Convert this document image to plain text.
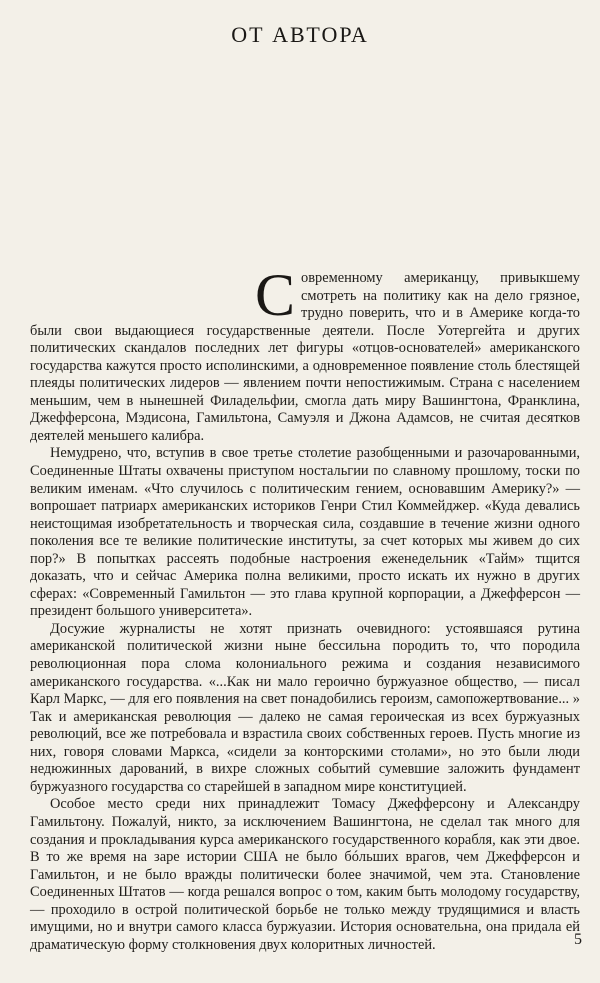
ОТ АВТОРА

Современному американцу, привыкшему смотреть на политику как на дело грязное, трудно поверить, что и в Америке когда-то были свои выдающиеся государственные деятели. После Уотергейта и других политических скандалов последних лет фигуры «отцов-основателей» американского государства кажутся просто исполинскими, а одновременное появление столь блестящей плеяды политических лидеров — явлением почти непостижимым. Страна с населением меньшим, чем в нынешней Филадельфии, смогла дать миру Вашингтона, Франклина, Джефферсона, Мэдисона, Гамильтона, Самуэля и Джона Адамсов, не считая десятков деятелей меньшего калибра.

Немудрено, что, вступив в свое третье столетие разобщенными и разочарованными, Соединенные Штаты охвачены приступом ностальгии по славному прошлому, тоски по великим именам. «Что случилось с политическим гением, основавшим Америку?» — вопрошает патриарх американских историков Генри Стил Коммейджер. «Куда девались неистощимая изобретательность и творческая сила, создавшие в течение жизни одного поколения все те великие политические институты, за счет которых мы живем до сих пор?» В попытках рассеять подобные настроения еженедельник «Тайм» тщится доказать, что и сейчас Америка полна великими, просто искать их нужно в других сферах: «Современный Гамильтон — это глава крупной корпорации, а Джефферсон — президент большого университета».

Досужие журналисты не хотят признать очевидного: устоявшаяся рутина американской политической жизни ныне бессильна породить то, что породила революционная пора слома колониального режима и создания независимого американского государства. «...Как ни мало героично буржуазное общество, — писал Карл Маркс, — для его появления на свет понадобились героизм, самопожертвование... » Так и американская революция — далеко не самая героическая из всех буржуазных революций, все же потребовала и взрастила своих собственных героев. Пусть многие из них, говоря словами Маркса, «сидели за конторскими столами», но это были люди недюжинных дарований, в вихре сложных событий сумевшие заложить фундамент буржуазного государства со старейшей в западном мире конституцией.

Особое место среди них принадлежит Томасу Джефферсону и Александру Гамильтону. Пожалуй, никто, за исключением Вашингтона, не сделал так много для создания и прокладывания курса американского государственного корабля, как эти двое. В то же время на заре истории США не было бóльших врагов, чем Джефферсон и Гамильтон, и не было вражды политически более значимой, чем эта. Становление Соединенных Штатов — когда решался вопрос о том, каким быть молодому государству, — проходило в острой политической борьбе не только между трудящимися и власть имущими, но и внутри самого класса буржуазии. История основательна, она придала ей драматическую форму столкновения двух колоритных личностей.	5
